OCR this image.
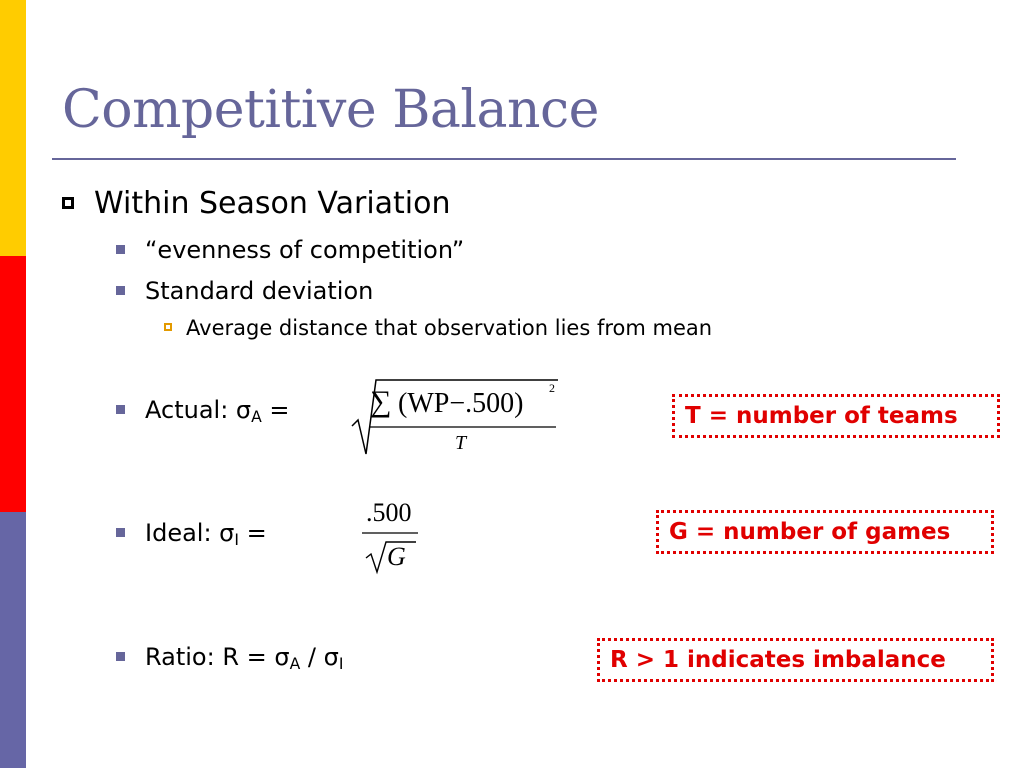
Competitive Balance
Within Season Variation
“evenness of competition”
Standard deviation
Average distance that observation lies from mean
Actual: $\sigma_A$ =	∑ (WP−.500) 2
T
Ideal: $\sigma_I$ =
.500
G
Ratio: $R = \sigma_A / \sigma_I$
T = number of teams
G = number of games
R > 1 indicates imbalance
